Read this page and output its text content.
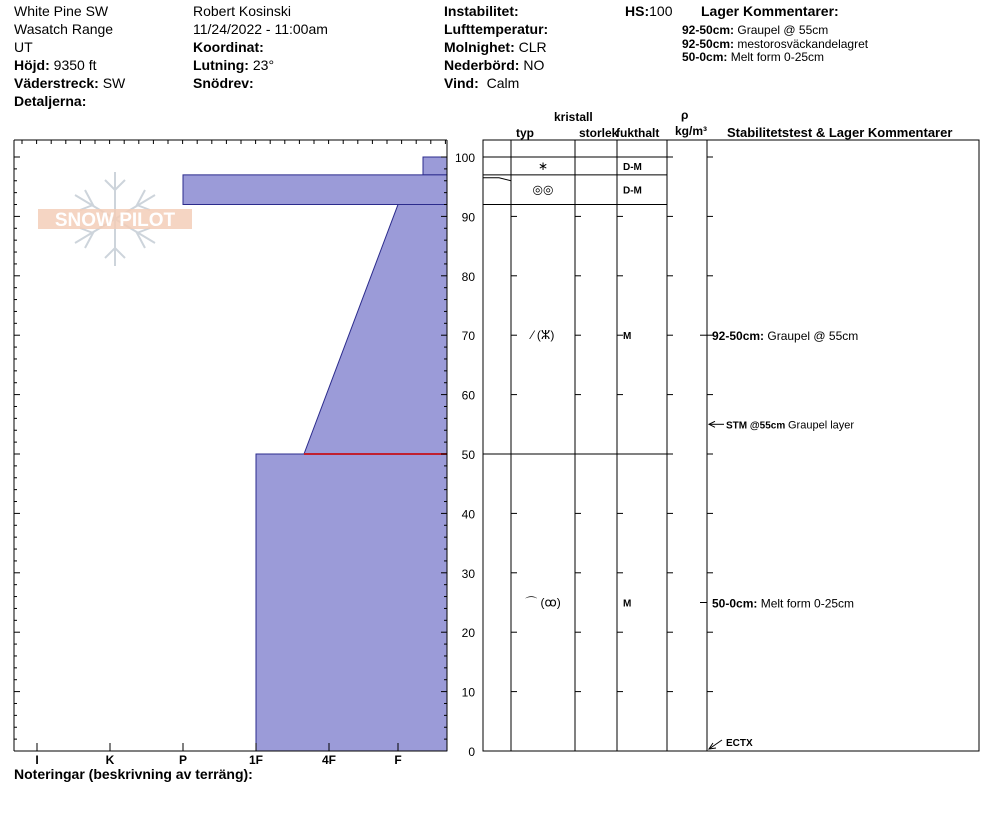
White Pine SW
Wasatch Range
UT
Höjd: 9350 ft
Väderstreck: SW
Detaljerna:
Robert Kosinski
11/24/2022 - 11:00am
Koordinat:
Lutning: 23°
Snödrev:
Instabilitet:
Lufttemperatur:
Molnighet: CLR
Nederbörd: NO
Vind: Calm
HS:100 Lager Kommentarer:
92-50cm: Graupel @ 55cm
92-50cm: mestorosväckandelagret
50-0cm: Melt form 0-25cm
kristall
typ	storlek
fukthalt
ρ
kg/m³ Stabilitetstest & Lager Kommentarer
SNOW PILOT
I	K	P	1F	4F	F
0
10
20
30
40
50
60
70
80
90
100
∗	D-M
◎◎	D-M
⁄ (ⵣ)	M
⌒ (ꝏ)	M
92-50cm: Graupel @ 55cm
50-0cm: Melt form 0-25cm
STM @55cm Graupel layer
ECTX
Noteringar (beskrivning av terräng):
